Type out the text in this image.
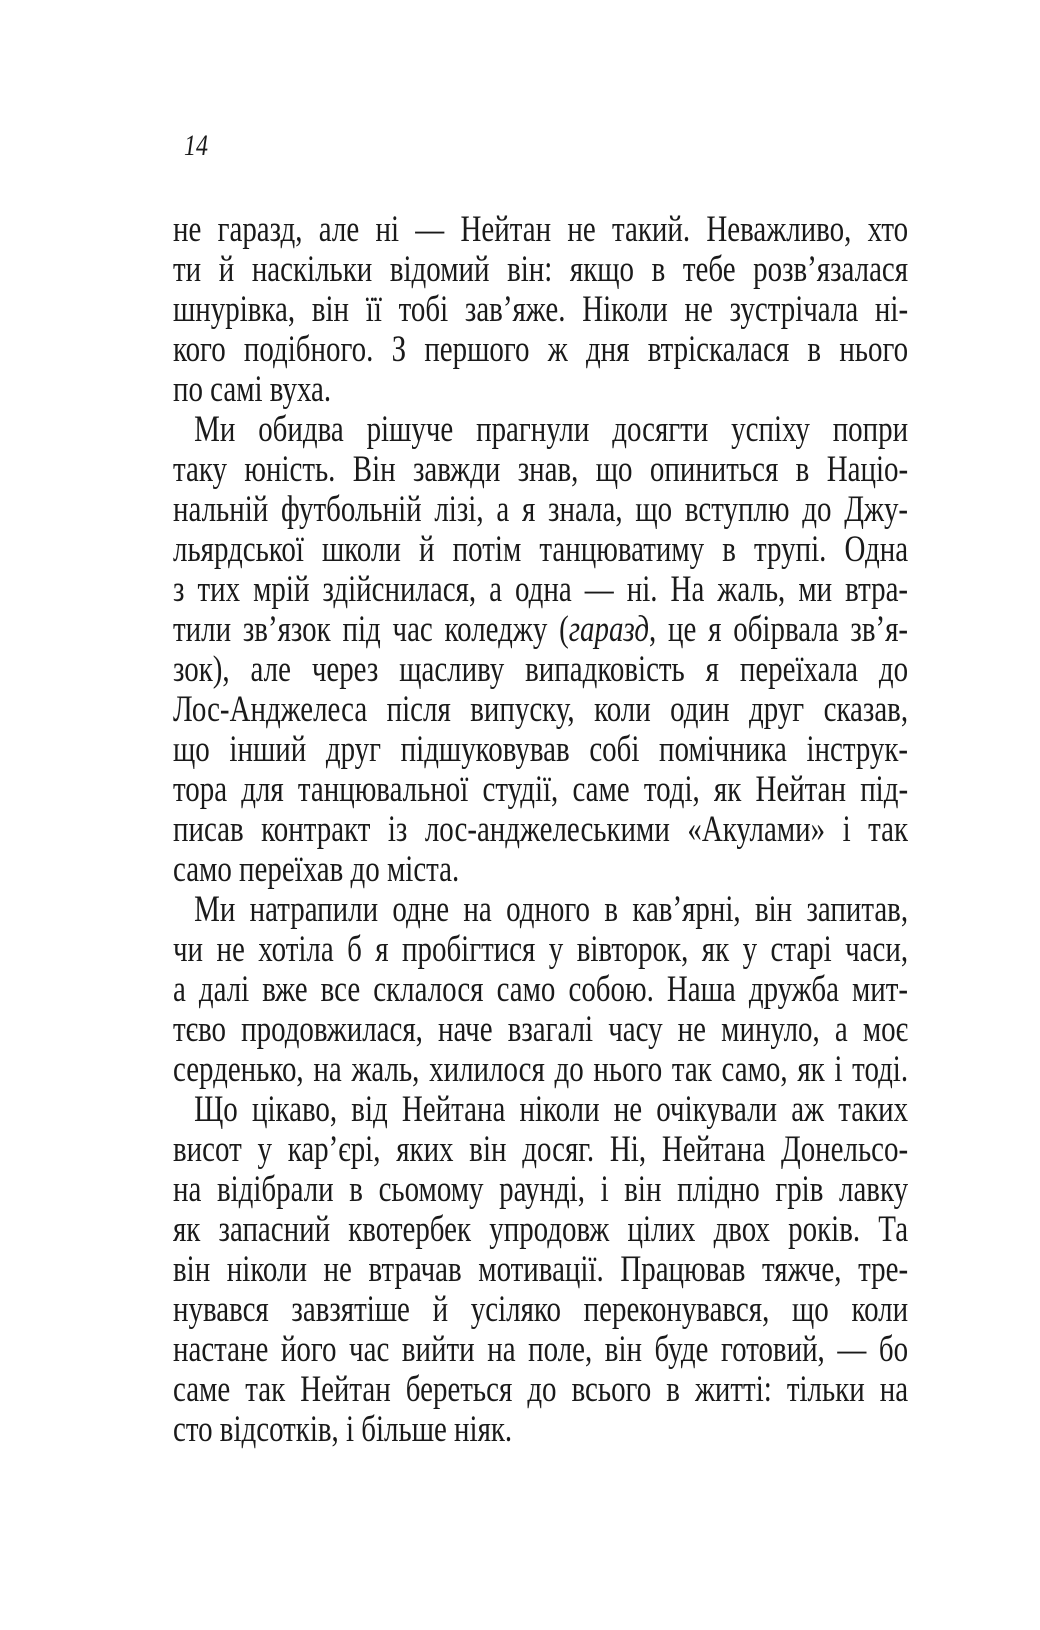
14
не гаразд, але ні — Нейтан не такий. Неважливо, хто
ти й наскільки відомий він: якщо в тебе розв’язалася
шнурівка, він її тобі зав’яже. Ніколи не зустрічала ні-
кого подібного. З першого ж дня втріскалася в нього
по самі вуха.
Ми обидва рішуче прагнули досягти успіху попри
таку юність. Він завжди знав, що опиниться в Націо-
нальній футбольній лізі, а я знала, що вступлю до Джу-
льярдської школи й потім танцюватиму в трупі. Одна
з тих мрій здійснилася, а одна — ні. На жаль, ми втра-
тили зв’язок під час коледжу (гаразд, це я обірвала зв’я-
зок), але через щасливу випадковість я переїхала до
Лос-Анджелеса після випуску, коли один друг сказав,
що інший друг підшуковував собі помічника інструк-
тора для танцювальної студії, саме тоді, як Нейтан під-
писав контракт із лос-анджелеськими «Акулами» і так
само переїхав до міста.
Ми натрапили одне на одного в кав’ярні, він запитав,
чи не хотіла б я пробігтися у вівторок, як у старі часи,
а далі вже все склалося само собою. Наша дружба мит-
тєво продовжилася, наче взагалі часу не минуло, а моє
серденько, на жаль, хилилося до нього так само, як і тоді.
Що цікаво, від Нейтана ніколи не очікували аж таких
висот у кар’єрі, яких він досяг. Ні, Нейтана Донельсо-
на відібрали в сьомому раунді, і він плідно грів лавку
як запасний квотербек упродовж цілих двох років. Та
він ніколи не втрачав мотивації. Працював тяжче, тре-
нувався завзятіше й усіляко переконувався, що коли
настане його час вийти на поле, він буде готовий, — бо
саме так Нейтан береться до всього в житті: тільки на
сто відсотків, і більше ніяк.
